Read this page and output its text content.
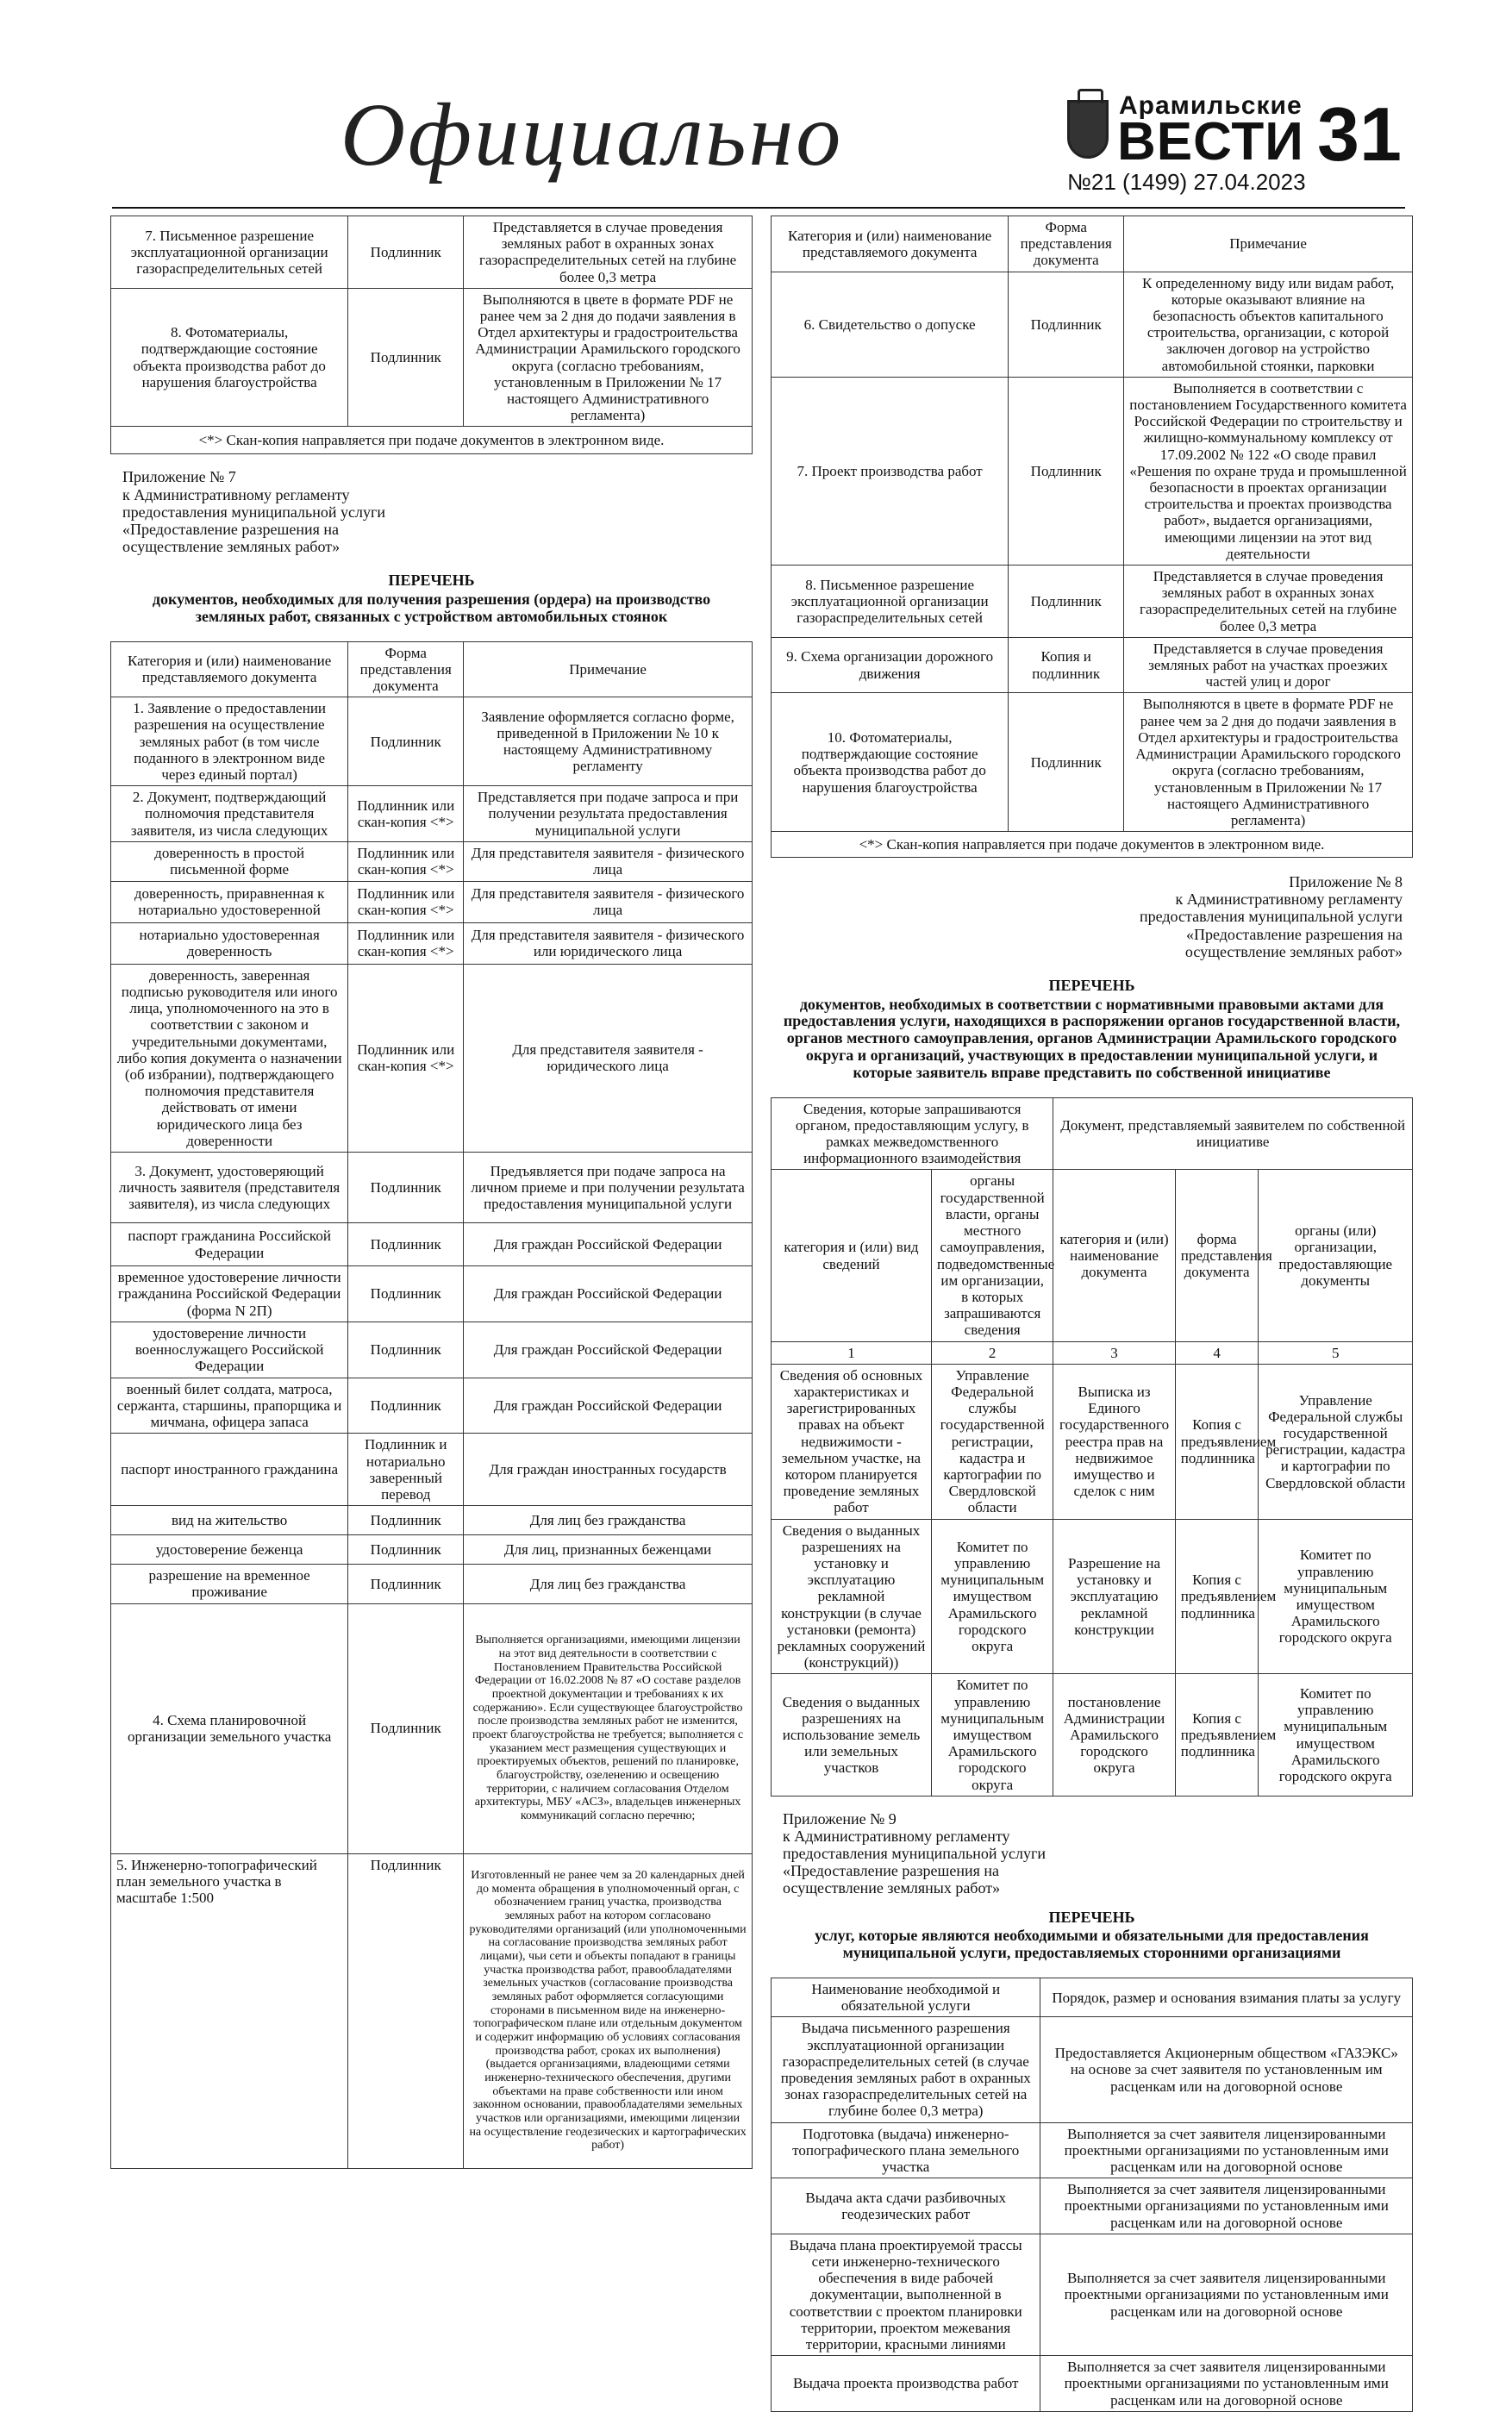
Официально	Арамильские
ВЕСТИ
№21 (1499) 27.04.2023
31
7. Письменное разрешение эксплуатационной организации газораспределительных сетей	Подлинник	Представляется в случае проведения земляных работ в охранных зонах газораспределительных сетей на глубине более 0,3 метра
8. Фотоматериалы, подтверждающие состояние объекта производства работ до нарушения благоустройства	Подлинник	Выполняются в цвете в формате PDF не ранее чем за 2 дня до подачи заявления в Отдел архитектуры и градостроительства Администрации Арамильского городского округа (согласно требованиям, установленным в Приложении № 17 настоящего Административного регламента)
<*> Скан-копия направляется при подаче документов в электронном виде.		
Приложение № 7
к Административному регламенту
предоставления муниципальной услуги
«Предоставление разрешения на
осуществление земляных работ»
ПЕРЕЧЕНЬ
документов, необходимых для получения разрешения (ордера) на производство земляных работ, связанных с устройством автомобильных стоянок
Категория и (или) наименование представляемого документа	Форма представления документа	Примечание
1. Заявление о предоставлении разрешения на осуществление земляных работ (в том числе поданного в электронном виде через единый портал)	Подлинник	Заявление оформляется согласно форме, приведенной в Приложении № 10 к настоящему Административному регламенту
2. Документ, подтверждающий полномочия представителя заявителя, из числа следующих	Подлинник или скан-копия <*>	Представляется при подаче запроса и при получении результата предоставления муниципальной услуги
доверенность в простой письменной форме	Подлинник или скан-копия <*>	Для представителя заявителя - физического лица
доверенность, приравненная к нотариально удостоверенной	Подлинник или скан-копия <*>	Для представителя заявителя - физического лица
нотариально удостоверенная доверенность	Подлинник или скан-копия <*>	Для представителя заявителя - физического или юридического лица
доверенность, заверенная подписью руководителя или иного лица, уполномоченного на это в соответствии с законом и учредительными документами, либо копия документа о назначении (об избрании), подтверждающего полномочия представителя действовать от имени юридического лица без доверенности	Подлинник или скан-копия <*>	Для представителя заявителя - юридического лица
3. Документ, удостоверяющий личность заявителя (представителя заявителя), из числа следующих	Подлинник	Предъявляется при подаче запроса на личном приеме и при получении результата предоставления муниципальной услуги
паспорт гражданина Российской Федерации	Подлинник	Для граждан Российской Федерации
временное удостоверение личности гражданина Российской Федерации (форма N 2П)	Подлинник	Для граждан Российской Федерации
удостоверение личности военнослужащего Российской Федерации	Подлинник	Для граждан Российской Федерации
военный билет солдата, матроса, сержанта, старшины, прапорщика и мичмана, офицера запаса	Подлинник	Для граждан Российской Федерации
паспорт иностранного гражданина	Подлинник и нотариально заверенный перевод	Для граждан иностранных государств
вид на жительство	Подлинник	Для лиц без гражданства
удостоверение беженца	Подлинник	Для лиц, признанных беженцами
разрешение на временное проживание	Подлинник	Для лиц без гражданства
4. Схема планировочной организации земельного участка	Подлинник	Выполняется организациями, имеющими лицензии на этот вид деятельности в соответствии с Постановлением Правительства Российской Федерации от 16.02.2008 № 87 «О составе разделов проектной документации и требованиях к их содержанию». Если существующее благоустройство после производства земляных работ не изменится, проект благоустройства не требуется; выполняется с указанием мест размещения существующих и проектируемых объектов, решений по планировке, благоустройству, озеленению и освещению территории, с наличием согласования Отделом архитектуры, МБУ «АСЗ», владельцев инженерных коммуникаций согласно перечню;
5. Инженерно-топографический план земельного участка в масштабе 1:500	Подлинник	Изготовленный не ранее чем за 20 календарных дней до момента обращения в уполномоченный орган, с обозначением границ участка, производства земляных работ на котором согласовано руководителями организаций (или уполномоченными на согласование производства земляных работ лицами), чьи сети и объекты попадают в границы участка производства работ, правообладателями земельных участков (согласование производства земляных работ оформляется согласующими сторонами в письменном виде на инженерно-топографическом плане или отдельным документом и содержит информацию об условиях согласования производства работ, сроках их выполнения) (выдается организациями, владеющими сетями инженерно-технического обеспечения, другими объектами на праве собственности или ином законном основании, правообладателями земельных участков или организациями, имеющими лицензии на осуществление геодезических и картографических работ)
Категория и (или) наименование представляемого документа	Форма представления документа	Примечание
6. Свидетельство о допуске	Подлинник	К определенному виду или видам работ, которые оказывают влияние на безопасность объектов капитального строительства, организации, с которой заключен договор на устройство автомобильной стоянки, парковки
7. Проект производства работ	Подлинник	Выполняется в соответствии с постановлением Государственного комитета Российской Федерации по строительству и жилищно-коммунальному комплексу от 17.09.2002 № 122 «О своде правил «Решения по охране труда и промышленной безопасности в проектах организации строительства и проектах производства работ», выдается организациями, имеющими лицензии на этот вид деятельности
8. Письменное разрешение эксплуатационной организации газораспределительных сетей	Подлинник	Представляется в случае проведения земляных работ в охранных зонах газораспределительных сетей на глубине более 0,3 метра
9. Схема организации дорожного движения	Копия и подлинник	Представляется в случае проведения земляных работ на участках проезжих частей улиц и дорог
10. Фотоматериалы, подтверждающие состояние объекта производства работ до нарушения благоустройства	Подлинник	Выполняются в цвете в формате PDF не ранее чем за 2 дня до подачи заявления в Отдел архитектуры и градостроительства Администрации Арамильского городского округа (согласно требованиям, установленным в Приложении № 17 настоящего Административного регламента)
<*> Скан-копия направляется при подаче документов в электронном виде.		
Приложение № 8
к Административному регламенту
предоставления муниципальной услуги
«Предоставление разрешения на
осуществление земляных работ»
ПЕРЕЧЕНЬ
документов, необходимых в соответствии с нормативными правовыми актами для предоставления услуги, находящихся в распоряжении органов государственной власти, органов местного самоуправления, органов Администрации Арамильского городского округа и организаций, участвующих в предоставлении муниципальной услуги, и которые заявитель вправе представить по собственной инициативе
Сведения, которые запрашиваются органом, предоставляющим услугу, в рамках межведомственного информационного взаимодействия		Документ, представляемый заявителем по собственной инициативе		
категория и (или) вид сведений	органы государственной власти, органы местного самоуправления, подведомственные им организации, в которых запрашиваются сведения	категория и (или) наименование документа	форма представления документа	органы (или) организации, предоставляющие документы
1	2	3	4	5
Сведения об основных характеристиках и зарегистрированных правах на объект недвижимости - земельном участке, на котором планируется проведение земляных работ	Управление Федеральной службы государственной регистрации, кадастра и картографии по Свердловской области	Выписка из Единого государственного реестра прав на недвижимое имущество и сделок с ним	Копия с предъявлением подлинника	Управление Федеральной службы государственной регистрации, кадастра и картографии по Свердловской области
Сведения о выданных разрешениях на установку и эксплуатацию рекламной конструкции (в случае установки (ремонта) рекламных сооружений (конструкций))	Комитет по управлению муниципальным имуществом Арамильского городского округа	Разрешение на установку и эксплуатацию рекламной конструкции	Копия с предъявлением подлинника	Комитет по управлению муниципальным имуществом Арамильского городского округа
Сведения о выданных разрешениях на использование земель или земельных участков	Комитет по управлению муниципальным имуществом Арамильского городского округа	постановление Администрации Арамильского городского округа	Копия с предъявлением подлинника	Комитет по управлению муниципальным имуществом Арамильского городского округа
Приложение № 9
к Административному регламенту
предоставления муниципальной услуги
«Предоставление разрешения на
осуществление земляных работ»
ПЕРЕЧЕНЬ
услуг, которые являются необходимыми и обязательными для предоставления муниципальной услуги, предоставляемых сторонними организациями
Наименование необходимой и обязательной услуги	Порядок, размер и основания взимания платы за услугу
Выдача письменного разрешения эксплуатационной организации газораспределительных сетей (в случае проведения земляных работ в охранных зонах газораспределительных сетей на глубине более 0,3 метра)	Предоставляется Акционерным обществом «ГАЗЭКС» на основе за счет заявителя по установленным им расценкам или на договорной основе
Подготовка (выдача) инженерно-топографического плана земельного участка	Выполняется за счет заявителя лицензированными проектными организациями по установленным ими расценкам или на договорной основе
Выдача акта сдачи разбивочных геодезических работ	Выполняется за счет заявителя лицензированными проектными организациями по установленным ими расценкам или на договорной основе
Выдача плана проектируемой трассы сети инженерно-технического обеспечения в виде рабочей документации, выполненной в соответствии с проектом планировки территории, проектом межевания территории, красными линиями	Выполняется за счет заявителя лицензированными проектными организациями по установленным ими расценкам или на договорной основе
Выдача проекта производства работ	Выполняется за счет заявителя лицензированными проектными организациями по установленным ими расценкам или на договорной основе
